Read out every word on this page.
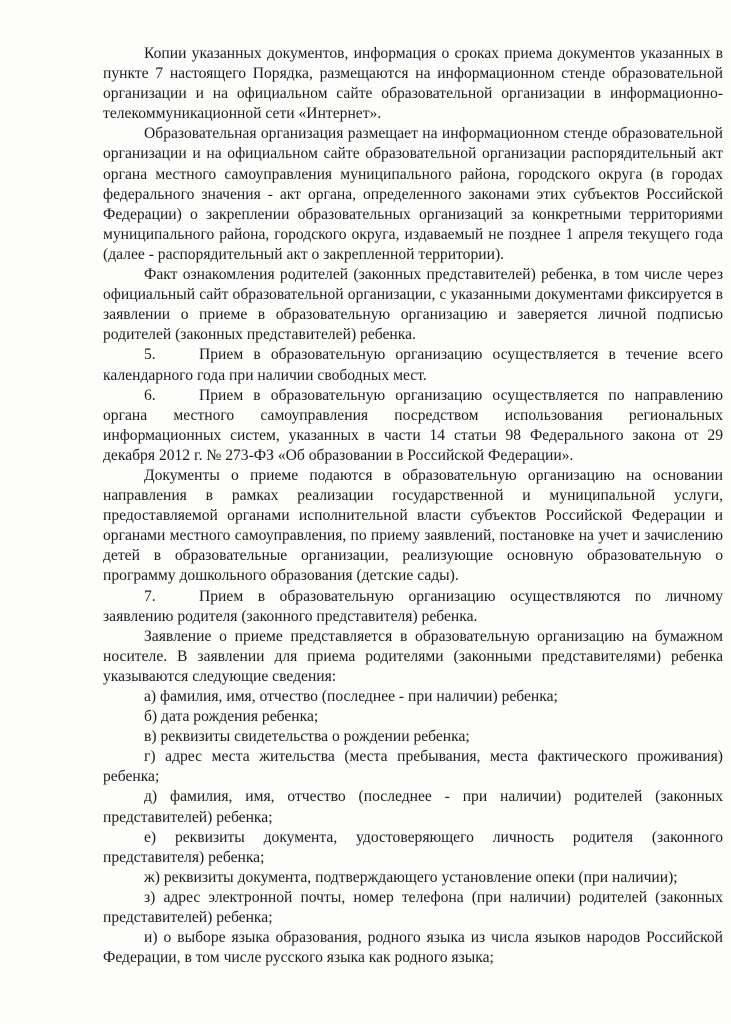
Копии указанных документов, информация о сроках приема документов указанных в пункте 7 настоящего Порядка, размещаются на информационном стенде образовательной организации и на официальном сайте образовательной организации в информационно-телекоммуникационной сети «Интернет».

Образовательная организация размещает на информационном стенде образовательной организации и на официальном сайте образовательной организации распорядительный акт органа местного самоуправления муниципального района, городского округа (в городах федерального значения - акт органа, определенного законами этих субъектов Российской Федерации) о закреплении образовательных организаций за конкретными территориями муниципального района, городского округа, издаваемый не позднее 1 апреля текущего года (далее - распорядительный акт о закрепленной территории).

Факт ознакомления родителей (законных представителей) ребенка, в том числе через официальный сайт образовательной организации, с указанными документами фиксируется в заявлении о приеме в образовательную организацию и заверяется личной подписью родителей (законных представителей) ребенка.

5.	Прием в образовательную организацию осуществляется в течение всего календарного года при наличии свободных мест.

6.	Прием в образовательную организацию осуществляется по направлению органа местного самоуправления посредством использования региональных информационных систем, указанных в части 14 статьи 98 Федерального закона от 29 декабря 2012 г. № 273-ФЗ «Об образовании в Российской Федерации».

Документы о приеме подаются в образовательную организацию на основании направления в рамках реализации государственной и муниципальной услуги, предоставляемой органами исполнительной власти субъектов Российской Федерации и органами местного самоуправления, по приему заявлений, постановке на учет и зачислению детей в образовательные организации, реализующие основную образовательную о программу дошкольного образования (детские сады).

7.	Прием в образовательную организацию осуществляются по личному заявлению родителя (законного представителя) ребенка.

Заявление о приеме представляется в образовательную организацию на бумажном носителе. В заявлении для приема родителями (законными представителями) ребенка указываются следующие сведения:

а) фамилия, имя, отчество (последнее - при наличии) ребенка;

б) дата рождения ребенка;

в) реквизиты свидетельства о рождении ребенка;

г) адрес места жительства (места пребывания, места фактического проживания) ребенка;

д) фамилия, имя, отчество (последнее - при наличии) родителей (законных представителей) ребенка;

е) реквизиты документа, удостоверяющего личность родителя (законного представителя) ребенка;

ж) реквизиты документа, подтверждающего установление опеки (при наличии);

з) адрес электронной почты, номер телефона (при наличии) родителей (законных представителей) ребенка;

и) о выборе языка образования, родного языка из числа языков народов Российской Федерации, в том числе русского языка как родного языка;
